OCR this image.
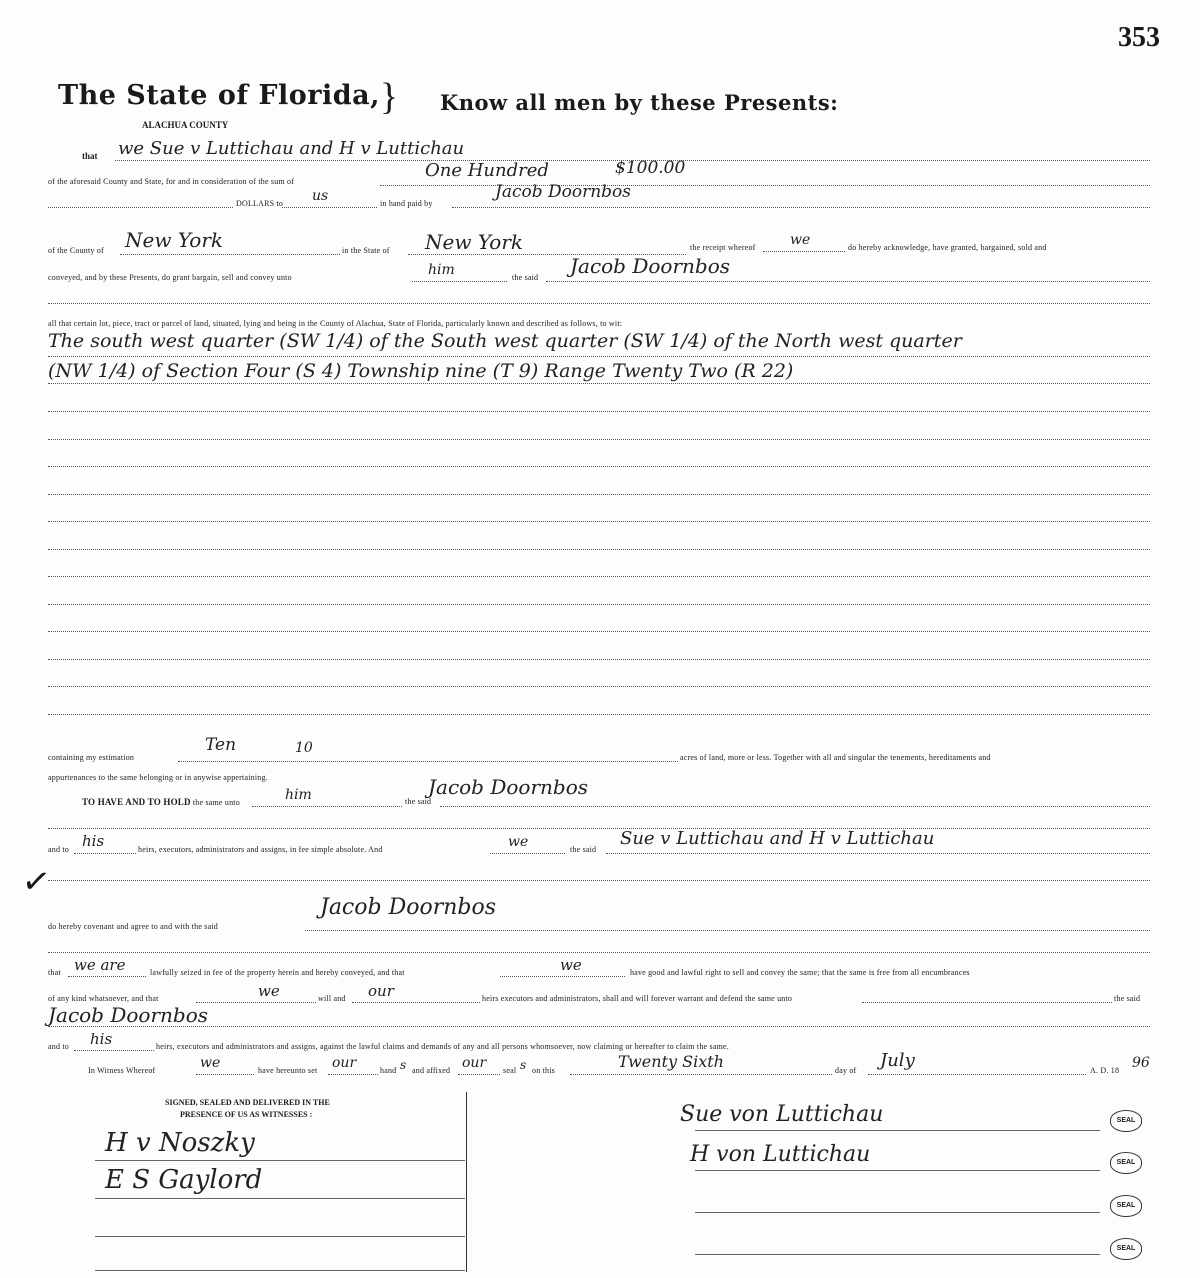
353
The State of Florida, }
ALACHUA COUNTY
Know all men by these Presents:
that we Sue v Luttichau and H v Luttichau
of the aforesaid County and State, for and in consideration of the sum of
One Hundred	$100.00
DOLLARS to us	in hand paid by
Jacob Doornbos
of the County of New York	in the State of New York	the receipt whereof we	do hereby acknowledge, have granted, bargained, sold and
conveyed, and by these Presents, do grant bargain, sell and convey unto	him	the said Jacob Doornbos
all that certain lot, piece, tract or parcel of land, situated, lying and being in the County of Alachua, State of Florida, particularly known and described as follows, to wit:
The south west quarter (SW 1/4) of the South west quarter (SW 1/4) of the North west quarter
(NW 1/4) of Section Four (S 4) Township nine (T 9) Range Twenty Two (R 22)
containing my estimation
Ten	10
acres of land, more or less. Together with all and singular the tenements, hereditaments and
appurtenances to the same belonging or in anywise appertaining.
TO HAVE AND TO HOLD the same unto	him	the said
Jacob Doornbos
and to his	heirs, executors, administrators and assigns, in fee simple absolute. And	we	the said
Sue v Luttichau and H v Luttichau
✓
do hereby covenant and agree to and with the said
Jacob Doornbos
that we are	lawfully seized in fee of the property herein and hereby conveyed, and that	we	have good and lawful right to sell and convey the same; that the same is free from all encumbrances
of any kind whatsoever, and that	we	will and our	heirs executors and administrators, shall and will forever warrant and defend the same unto	the said
Jacob Doornbos
and to his	heirs, executors and administrators and assigns, against the lawful claims and demands of any and all persons whomsoever, now claiming or hereafter to claim the same.
In Witness Whereof	we	have hereunto set our	hand s and affixed our seal s on this	Twenty Sixth	day of July	A. D. 18 96
SIGNED, SEALED AND DELIVERED IN THE
PRESENCE OF US AS WITNESSES :
H v Noszky
E S Gaylord
Sue von Luttichau	SEAL
H von Luttichau	SEAL
SEAL
SEAL
